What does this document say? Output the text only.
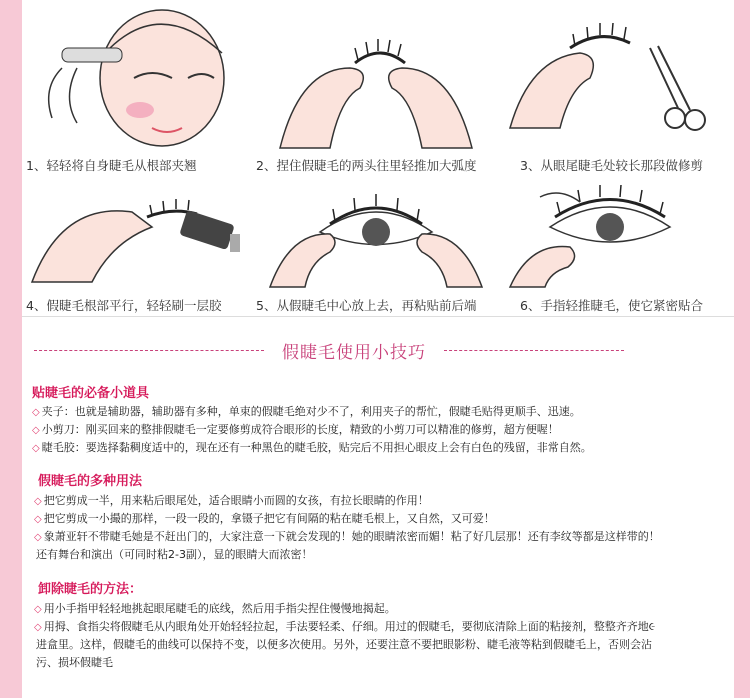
1、轻轻将自身睫毛从根部夹翘	2、捏住假睫毛的两头往里轻推加大弧度	3、从眼尾睫毛处较长那段做修剪
4、假睫毛根部平行，轻轻刷一层胶	5、从假睫毛中心放上去，再粘贴前后端	6、手指轻推睫毛，使它紧密贴合
假睫毛使用小技巧
贴睫毛的必备小道具
◇ 夹子：也就是辅助器，辅助器有多种，单束的假睫毛绝对少不了，利用夹子的帮忙，假睫毛贴得更顺手、迅速。
◇ 小剪刀：刚买回来的整排假睫毛一定要修剪成符合眼形的长度，精致的小剪刀可以精准的修剪，超方便喔！
◇ 睫毛胶：要选择黏稠度适中的，现在还有一种黑色的睫毛胶，贴完后不用担心眼皮上会有白色的残留，非常自然。
假睫毛的多种用法
◇ 把它剪成一半，用来粘后眼尾处，适合眼睛小而圆的女孩，有拉长眼睛的作用！
◇ 把它剪成一小撮的那样，一段一段的，拿镊子把它有间隔的粘在睫毛根上，又自然，又可爱！
◇ 象萧亚轩不带睫毛她是不赶出门的，大家注意一下就会发现的！她的眼睛浓密而媚！粘了好几层那！还有李纹等都是这样带的！
还有舞台和演出（可同时粘2-3副），显的眼睛大而浓密！
卸除睫毛的方法：
◇ 用小手指甲轻轻地挑起眼尾睫毛的底线，然后用手指尖捏住慢慢地揭起。
◇ 用拇、食指尖将假睫毛从内眼角处开始轻轻拉起，手法要轻柔、仔细。用过的假睫毛，要彻底清除上面的粘接剂，整整齐齐地૯
进盒里。这样，假睫毛的曲线可以保持不变，以便多次使用。另外，还要注意不要把眼影粉、睫毛液等粘到假睫毛上，否则会沾
污、损坏假睫毛
